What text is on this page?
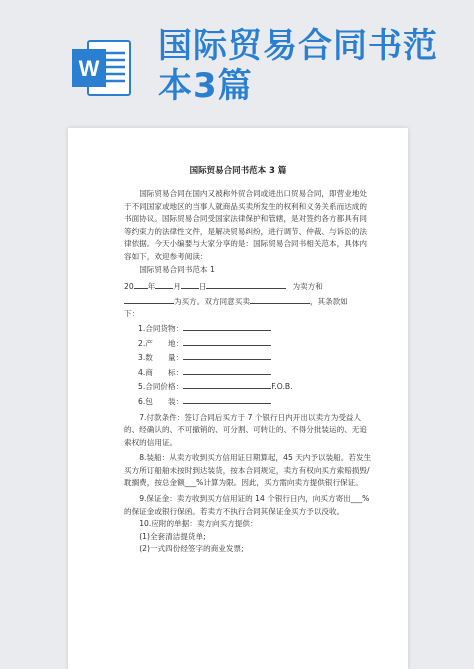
W
国际贸易合同书范本3篇
国际贸易合同书范本 3 篇

国际贸易合同在国内又被称外贸合同或进出口贸易合同，即营业地处于不同国家或地区的当事人就商品买卖所发生的权利和义务关系而达成的书面协议。国际贸易合同受国家法律保护和管辖，是对签约各方都具有同等约束力的法律性文件，是解决贸易纠纷，进行调节、仲裁、与诉讼的法律依据。今天小编要与大家分享的是：国际贸易合同书相关范本，具体内容如下，欢迎参考阅读：

国际贸易合同书范本 1

20 年 月 日	为卖方和

为买方。双方同意买卖	，其条款如

下：

1.合同货物：

2.产　　地：

3.数　　量：

4.商　　标：

5.合同价格：	F.O.B.

6.包　　装：

7.付款条件：签订合同后买方于 7 个银行日内开出以卖方为受益人的、经确认的、不可撤销的、可分割、可转让的、不得分批装运的、无追索权的信用证。

8.装船：从卖方收到买方信用证日期算起，45 天内予以装船。若发生买方所订船舶未按时到达装货，按本合同规定，卖方有权向买方索赔损毁/耽搁费，按总金额___%计算为限。因此，买方需向卖方提供银行保证。

9.保证金：卖方收到买方信用证的 14 个银行日内，向买方寄出___%的保证金或银行保函。若卖方不执行合同其保证金买方予以没收。

10.应附的单据：卖方向买方提供：

(1)全套清洁提货单;

(2)一式四份经签字的商业发票;
